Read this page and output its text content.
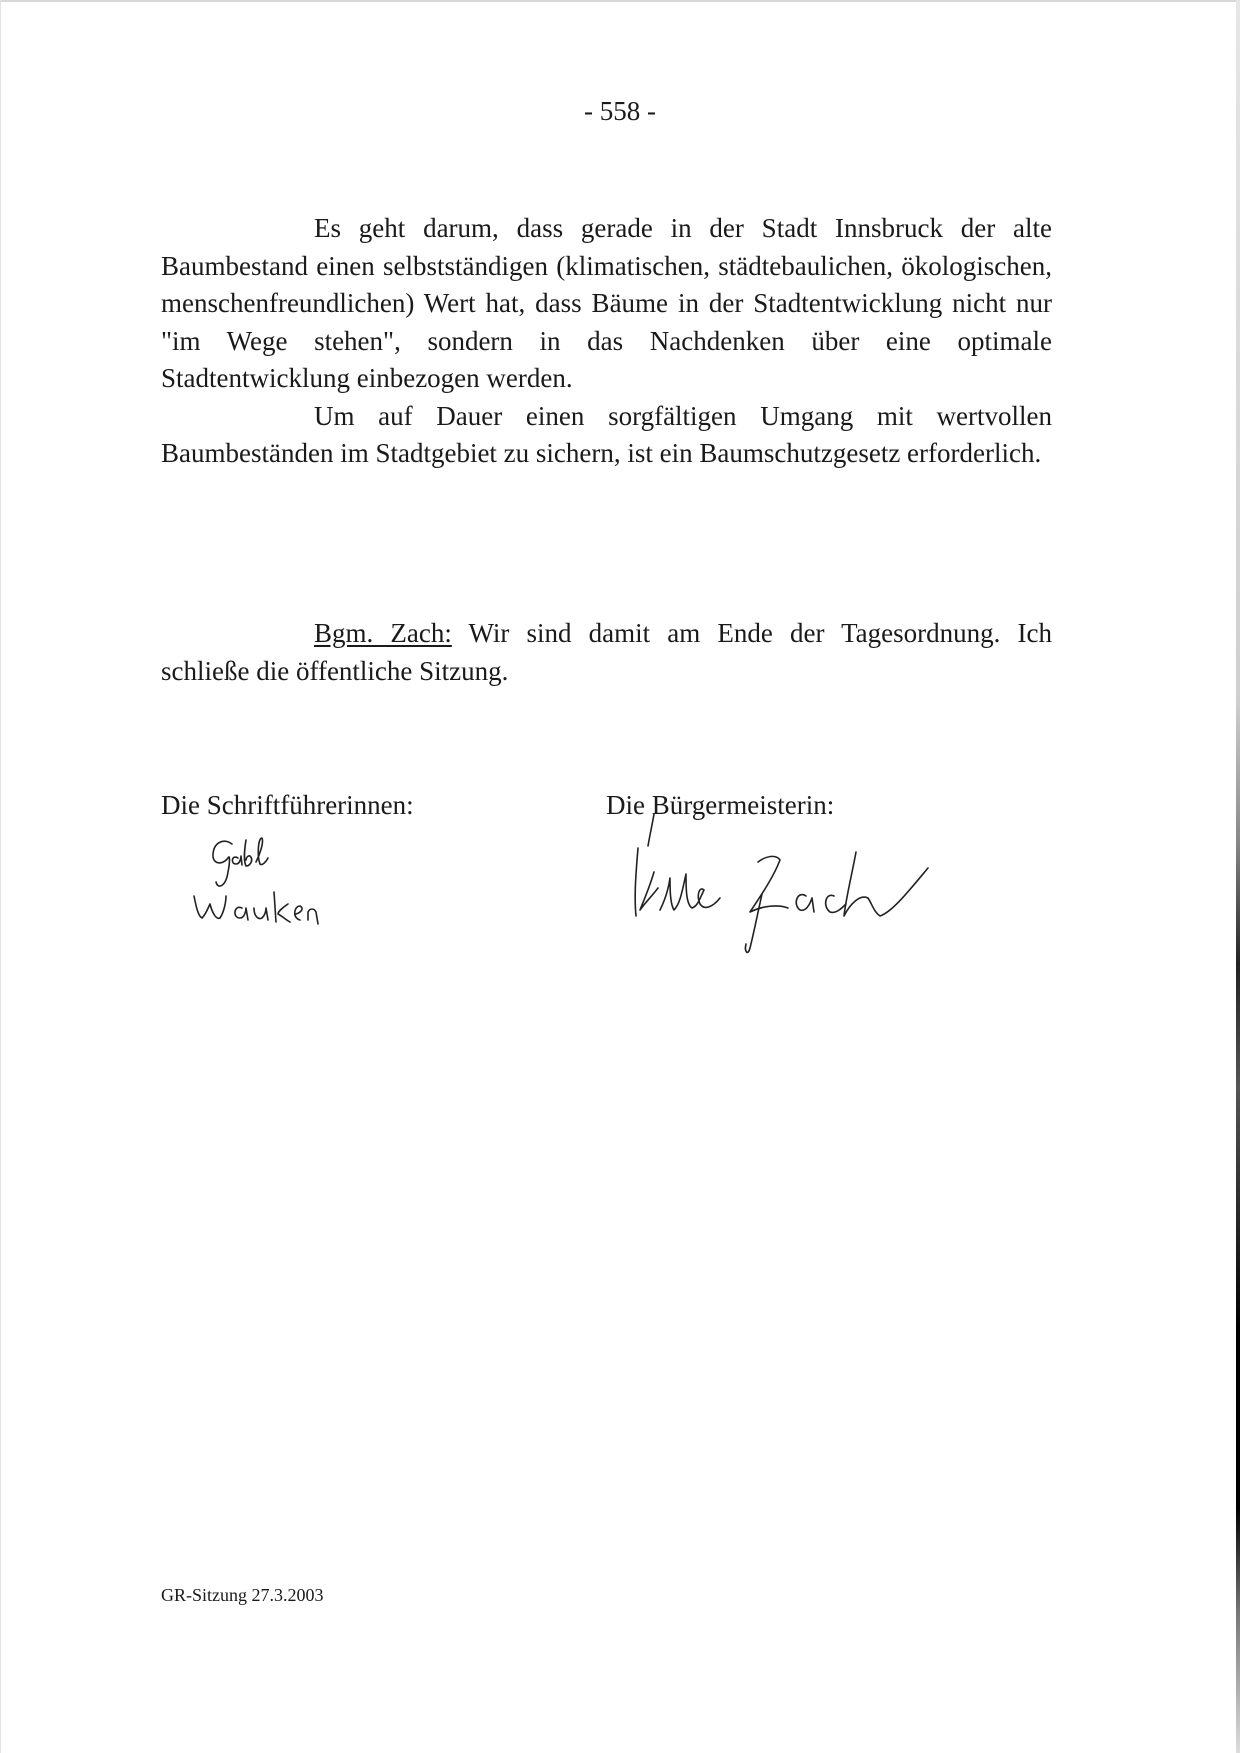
- 558 -

Es geht darum, dass gerade in der Stadt Innsbruck der alte Baumbestand einen selbstständigen (klimatischen, städtebaulichen, ökologischen, menschenfreundlichen) Wert hat, dass Bäume in der Stadtentwicklung nicht nur "im Wege stehen", sondern in das Nachdenken über eine optimale Stadtentwicklung einbezogen werden.

Um auf Dauer einen sorgfältigen Umgang mit wertvollen Baumbeständen im Stadtgebiet zu sichern, ist ein Baumschutzgesetz erforderlich.

Bgm. Zach: Wir sind damit am Ende der Tagesordnung. Ich schließe die öffentliche Sitzung.

Die Schriftführerinnen:	Die Bürgermeisterin:
GR-Sitzung 27.3.2003
